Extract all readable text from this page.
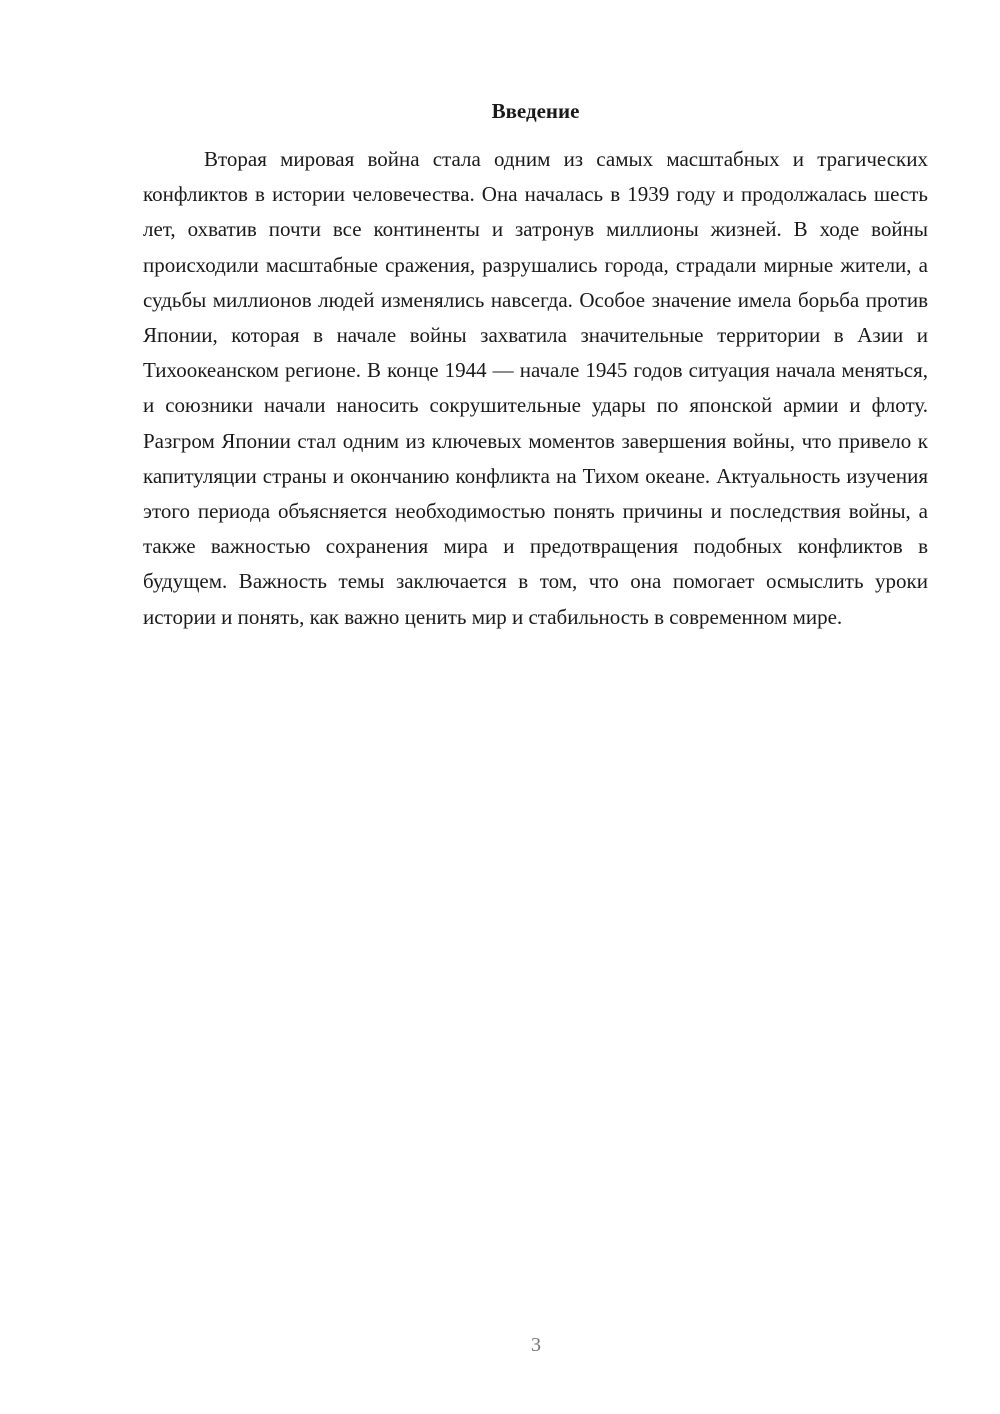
Введение

Вторая мировая война стала одним из самых масштабных и трагических конфликтов в истории человечества. Она началась в 1939 году и продолжалась шесть лет, охватив почти все континенты и затронув миллионы жизней. В ходе войны происходили масштабные сражения, разрушались города, страдали мирные жители, а судьбы миллионов людей изменялись навсегда. Особое значение имела борьба против Японии, которая в начале войны захватила значительные территории в Азии и Тихоокеанском регионе. В конце 1944 — начале 1945 годов ситуация начала меняться, и союзники начали наносить сокрушительные удары по японской армии и флоту. Разгром Японии стал одним из ключевых моментов завершения войны, что привело к капитуляции страны и окончанию конфликта на Тихом океане. Актуальность изучения этого периода объясняется необходимостью понять причины и последствия войны, а также важностью сохранения мира и предотвращения подобных конфликтов в будущем. Важность темы заключается в том, что она помогает осмыслить уроки истории и понять, как важно ценить мир и стабильность в современном мире.

3
